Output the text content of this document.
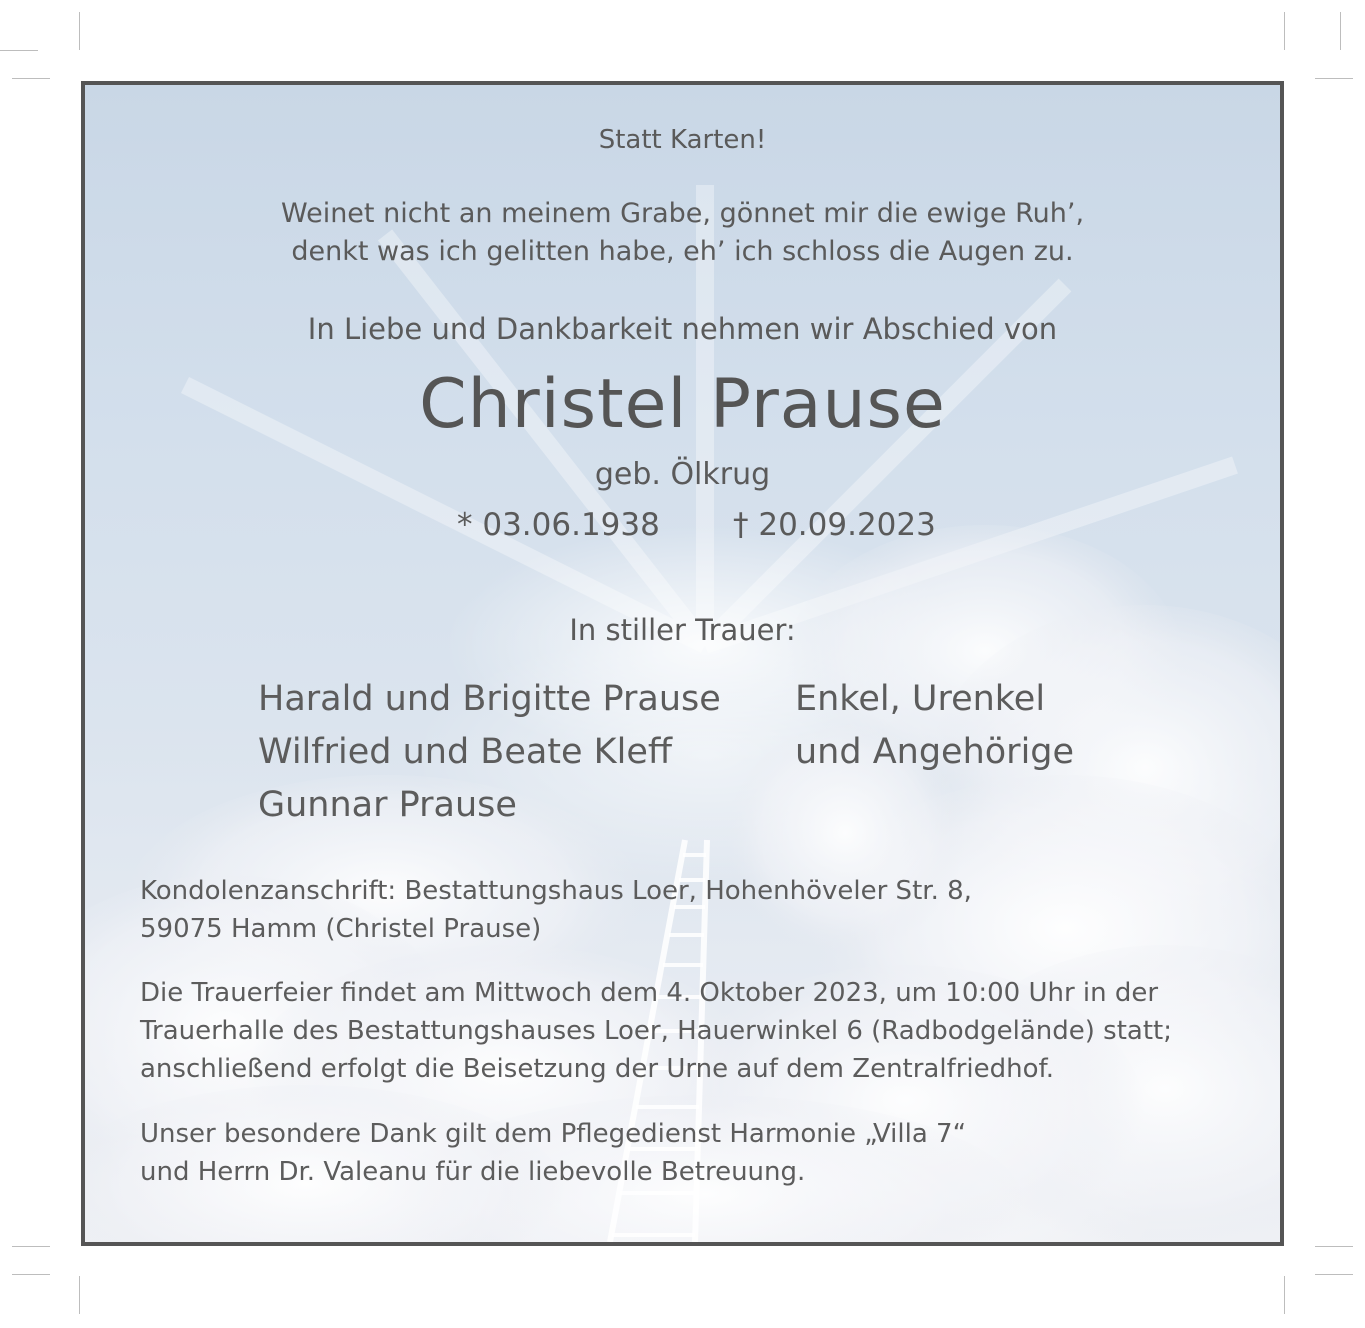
Statt Karten!
Weinet nicht an meinem Grabe, gönnet mir die ewige Ruh’,
denkt was ich gelitten habe, eh’ ich schloss die Augen zu.
In Liebe und Dankbarkeit nehmen wir Abschied von
Christel Prause
geb. Ölkrug
* 03.06.1938 † 20.09.2023
In stiller Trauer:
Harald und Brigitte Prause
Wilfried und Beate Kleff
Gunnar Prause
Enkel, Urenkel
und Angehörige
Kondolenzanschrift: Bestattungshaus Loer, Hohenhöveler Str. 8,
59075 Hamm (Christel Prause)
Die Trauerfeier findet am Mittwoch dem 4. Oktober 2023, um 10:00 Uhr in der
Trauerhalle des Bestattungshauses Loer, Hauerwinkel 6 (Radbodgelände) statt;
anschließend erfolgt die Beisetzung der Urne auf dem Zentralfriedhof.
Unser besondere Dank gilt dem Pflegedienst Harmonie „Villa 7“
und Herrn Dr. Valeanu für die liebevolle Betreuung.
